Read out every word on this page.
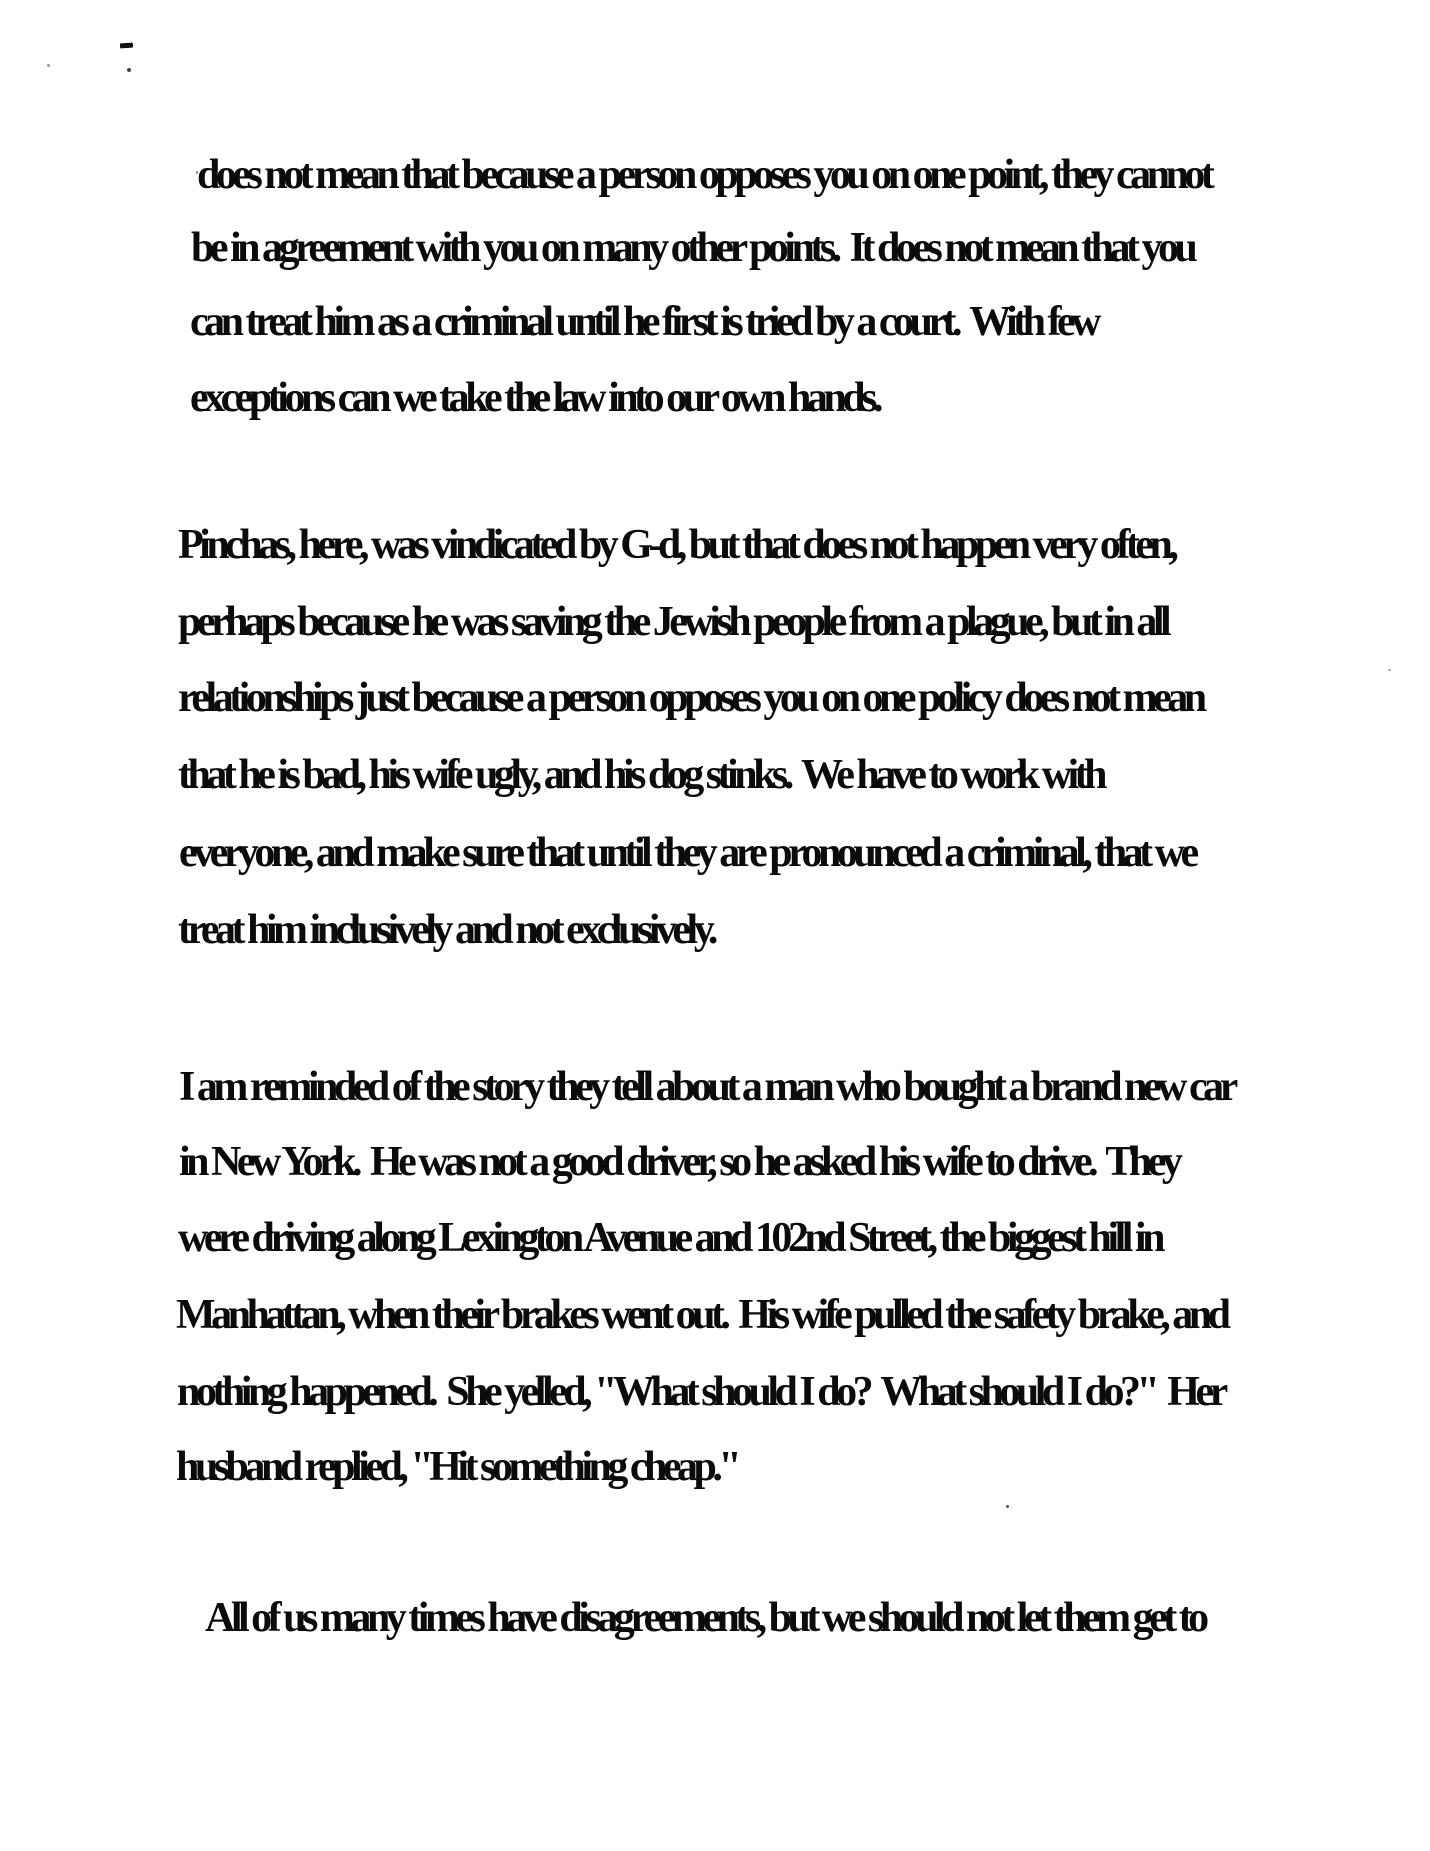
does not mean that because a person opposes you on one point, they cannot
be in agreement with you on many other points.  It does not mean that you
can treat him as a criminal until he first is tried by a court.  With few
exceptions can we take the law into our own hands.
Pinchas, here, was vindicated by G-d, but that does not happen very often,
perhaps because he was saving the Jewish people from a plague, but in all
relationships just because a person opposes you on one policy does not mean
that he is bad, his wife ugly, and his dog stinks.  We have to work with
everyone, and make sure that until they are pronounced a criminal, that we
treat him inclusively and not exclusively.
I am reminded of the story they tell about a man who bought a brand new car
in New York.  He was not a good driver, so he asked his wife to drive.  They
were driving along Lexington Avenue and 102nd Street, the biggest hill in
Manhattan, when their brakes went out.  His wife pulled the safety brake, and
nothing happened.  She yelled, "What should I do?  What should I do?"  Her
husband replied, "Hit something cheap."
All of us many times have disagreements, but we should not let them get to
